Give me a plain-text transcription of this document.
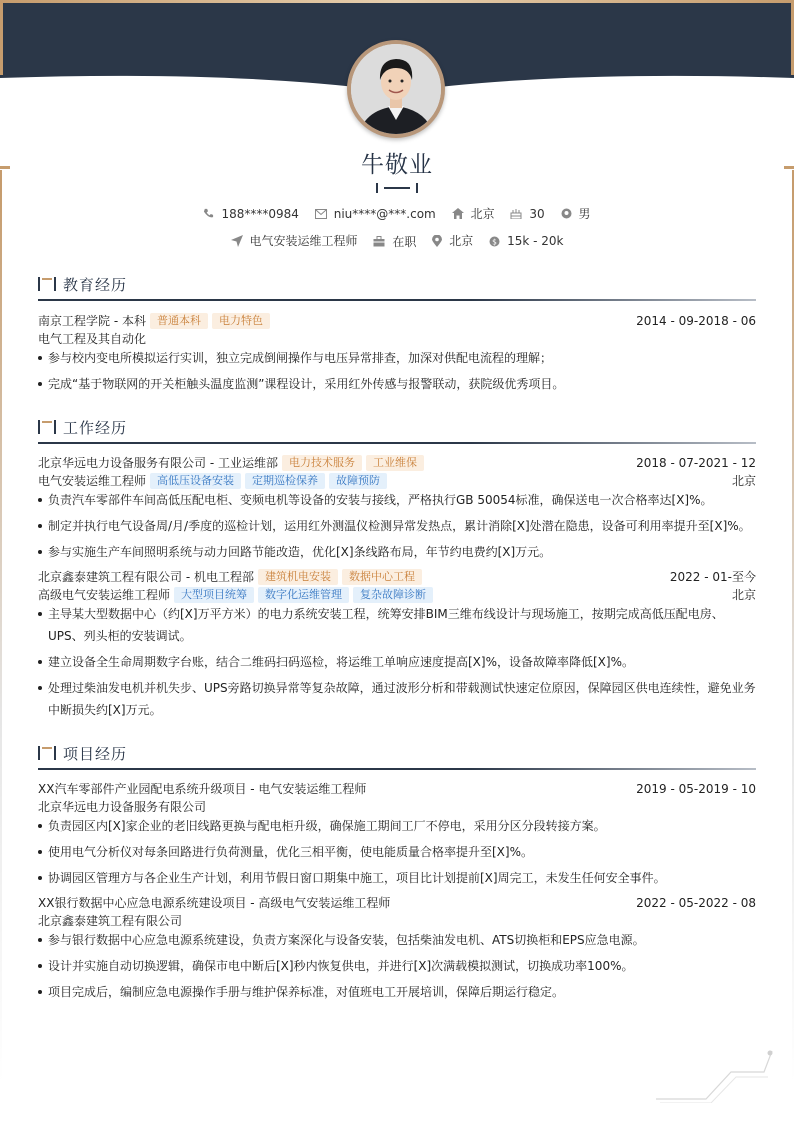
牛敬业
188****0984
	niu****@***.com
	北京
	30
	男
电气安装运维工程师
	在职
	北京
	$ 15k - 20k
教育经历
南京工程学院 - 本科 普通本科 电力特色	2014 - 09-2018 - 06
电气工程及其自动化
参与校内变电所模拟运行实训，独立完成倒闸操作与电压异常排查，加深对供配电流程的理解；
完成“基于物联网的开关柜触头温度监测”课程设计，采用红外传感与报警联动，获院级优秀项目。
工作经历
北京华远电力设备服务有限公司 - 工业运维部 电力技术服务 工业维保	2018 - 07-2021 - 12
电气安装运维工程师 高低压设备安装 定期巡检保养 故障预防	北京
负责汽车零部件车间高低压配电柜、变频电机等设备的安装与接线，严格执行GB 50054标准，确保送电一次合格率达[X]%。
制定并执行电气设备周/月/季度的巡检计划，运用红外测温仪检测异常发热点，累计消除[X]处潜在隐患，设备可利用率提升至[X]%。
参与实施生产车间照明系统与动力回路节能改造，优化[X]条线路布局，年节约电费约[X]万元。
北京鑫泰建筑工程有限公司 - 机电工程部 建筑机电安装 数据中心工程	2022 - 01-至今
高级电气安装运维工程师 大型项目统筹 数字化运维管理 复杂故障诊断	北京
主导某大型数据中心（约[X]万平方米）的电力系统安装工程，统筹安排BIM三维布线设计与现场施工，按期完成高低压配电房、UPS、列头柜的安装调试。
建立设备全生命周期数字台账，结合二维码扫码巡检，将运维工单响应速度提高[X]%，设备故障率降低[X]%。
处理过柴油发电机并机失步、UPS旁路切换异常等复杂故障，通过波形分析和带载测试快速定位原因，保障园区供电连续性，避免业务中断损失约[X]万元。
项目经历
XX汽车零部件产业园配电系统升级项目 - 电气安装运维工程师	2019 - 05-2019 - 10
北京华远电力设备服务有限公司
负责园区内[X]家企业的老旧线路更换与配电柜升级，确保施工期间工厂不停电，采用分区分段转接方案。
使用电气分析仪对每条回路进行负荷测量，优化三相平衡，使电能质量合格率提升至[X]%。
协调园区管理方与各企业生产计划，利用节假日窗口期集中施工，项目比计划提前[X]周完工，未发生任何安全事件。
XX银行数据中心应急电源系统建设项目 - 高级电气安装运维工程师	2022 - 05-2022 - 08
北京鑫泰建筑工程有限公司
参与银行数据中心应急电源系统建设，负责方案深化与设备安装，包括柴油发电机、ATS切换柜和EPS应急电源。
设计并实施自动切换逻辑，确保市电中断后[X]秒内恢复供电，并进行[X]次满载模拟测试，切换成功率100%。
项目完成后，编制应急电源操作手册与维护保养标准，对值班电工开展培训，保障后期运行稳定。
